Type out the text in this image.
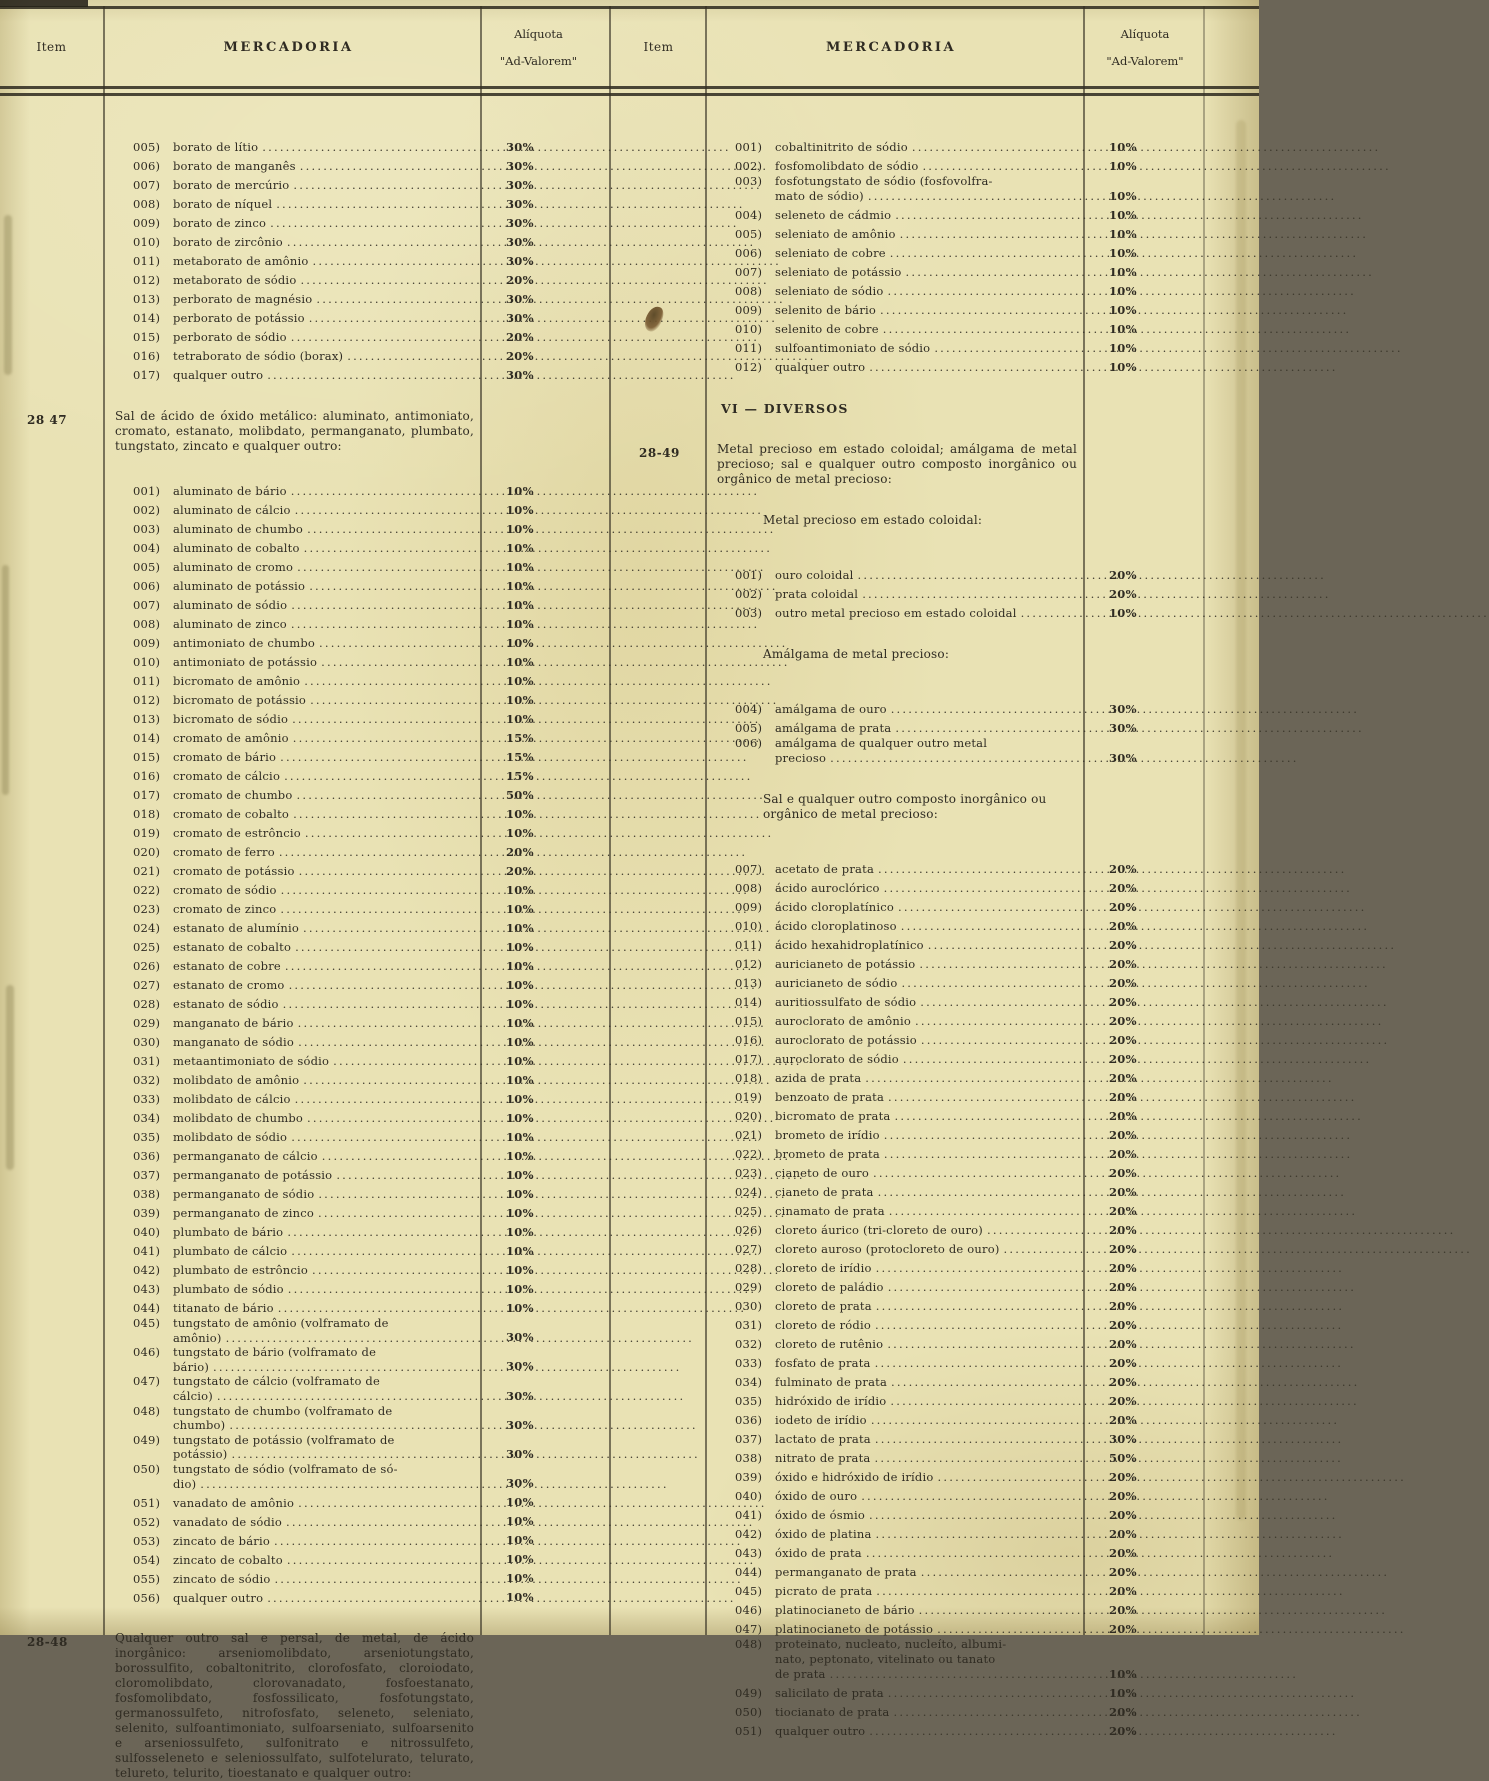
Item	MERCADORIA
Alíquota
"Ad-Valorem"
Item	MERCADORIA
Alíquota
"Ad-Valorem"
005)	borato de lítio .....	30%
006)	borato de manganês .....	30%
007)	borato de mercúrio .....	30%
008)	borato de níquel .....	30%
009)	borato de zinco .....	30%
010)	borato de zircônio .....	30%
011)	metaborato de amônio .....	30%
012)	metaborato de sódio .....	20%
013)	perborato de magnésio .....	30%
014)	perborato de potássio .....	30%
015)	perborato de sódio .....	20%
016)	tetraborato de sódio (borax) .....	20%
017)	qualquer outro .....	30%
28 47	Sal de ácido de óxido metálico: aluminato, antimoniato, cromato, estanato, molibdato, permanganato, plumbato, tungstato, zincato e qualquer outro:
001)	aluminato de bário .....	10%
002)	aluminato de cálcio .....	10%
003)	aluminato de chumbo .....	10%
004)	aluminato de cobalto .....	10%
005)	aluminato de cromo .....	10%
006)	aluminato de potássio .....	10%
007)	aluminato de sódio .....	10%
008)	aluminato de zinco .....	10%
009)	antimoniato de chumbo .....	10%
010)	antimoniato de potássio .....	10%
011)	bicromato de amônio .....	10%
012)	bicromato de potássio .....	10%
013)	bicromato de sódio .....	10%
014)	cromato de amônio .....	15%
015)	cromato de bário .....	15%
016)	cromato de cálcio .....	15%
017)	cromato de chumbo .....	50%
018)	cromato de cobalto .....	10%
019)	cromato de estrôncio .....	10%
020)	cromato de ferro .....	20%
021)	cromato de potássio .....	20%
022)	cromato de sódio .....	10%
023)	cromato de zinco .....	10%
024)	estanato de alumínio .....	10%
025)	estanato de cobalto .....	10%
026)	estanato de cobre .....	10%
027)	estanato de cromo .....	10%
028)	estanato de sódio .....	10%
029)	manganato de bário .....	10%
030)	manganato de sódio .....	10%
031)	metaantimoniato de sódio .....	10%
032)	molibdato de amônio .....	10%
033)	molibdato de cálcio .....	10%
034)	molibdato de chumbo .....	10%
035)	molibdato de sódio .....	10%
036)	permanganato de cálcio .....	10%
037)	permanganato de potássio .....	10%
038)	permanganato de sódio .....	10%
039)	permanganato de zinco .....	10%
040)	plumbato de bário .....	10%
041)	plumbato de cálcio .....	10%
042)	plumbato de estrôncio .....	10%
043)	plumbato de sódio .....	10%
044)	titanato de bário .....	10%
045)	tungstato de amônio (volframato de
amônio) .....	30%
046)	tungstato de bário (volframato de
bário) .....	30%
047)	tungstato de cálcio (volframato de
cálcio) .....	30%
048)	tungstato de chumbo (volframato de
chumbo) .....	30%
049)	tungstato de potássio (volframato de
potássio) .....	30%
050)	tungstato de sódio (volframato de só-
dio) .....	30%
051)	vanadato de amônio .....	10%
052)	vanadato de sódio .....	10%
053)	zincato de bário .....	10%
054)	zincato de cobalto .....	10%
055)	zincato de sódio .....	10%
056)	qualquer outro .....	10%
28-48	Qualquer outro sal e persal, de metal, de ácido inorgânico: arseniomolibdato, arseniotungstato, borossulfito, cobaltonitrito, clorofosfato, cloroiodato, cloromolibdato, clorovanadato, fosfoestanato, fosfomolibdato, fosfossilicato, fosfotungstato, germanossulfeto, nitrofosfato, seleneto, seleniato, selenito, sulfoantimoniato, sulfoarseniato, sulfoarsenito e arseniossulfeto, sulfonitrato e nitrossulfeto, sulfosseleneto e seleniossulfato, sulfotelurato, telurato, telureto, telurito, tioestanato e qualquer outro:
001)	cobaltinitrito de sódio .....	10%
002)	fosfomolibdato de sódio .....	10%
003)	fosfotungstato de sódio (fosfovolfra-
mato de sódio) .....	10%
004)	seleneto de cádmio .....	10%
005)	seleniato de amônio .....	10%
006)	seleniato de cobre .....	10%
007)	seleniato de potássio .....	10%
008)	seleniato de sódio .....	10%
009)	selenito de bário .....	10%
010)	selenito de cobre .....	10%
011)	sulfoantimoniato de sódio .....	10%
012)	qualquer outro .....	10%
VI — DIVERSOS
28-49	Metal precioso em estado coloidal; amálgama de metal precioso; sal e qualquer outro composto inorgânico ou orgânico de metal precioso:
Metal precioso em estado coloidal:
001)	ouro coloidal .....	20%
002)	prata coloidal .....	20%
003)	outro metal precioso em estado coloidal .....	10%
Amálgama de metal precioso:
004)	amálgama de ouro .....	30%
005)	amálgama de prata .....	30%
006)	amálgama de qualquer outro metal
precioso .....	30%
Sal e qualquer outro composto inorgânico ou orgânico de metal precioso:
007)	acetato de prata .....	20%
008)	ácido auroclórico .....	20%
009)	ácido cloroplatínico .....	20%
010)	ácido cloroplatinoso .....	20%
011)	ácido hexahidroplatínico .....	20%
012)	auricianeto de potássio .....	20%
013)	auricianeto de sódio .....	20%
014)	auritiossulfato de sódio .....	20%
015)	auroclorato de amônio .....	20%
016)	auroclorato de potássio .....	20%
017)	auroclorato de sódio .....	20%
018)	azida de prata .....	20%
019)	benzoato de prata .....	20%
020)	bicromato de prata .....	20%
021)	brometo de irídio .....	20%
022)	brometo de prata .....	20%
023)	cianeto de ouro .....	20%
024)	cianeto de prata .....	20%
025)	cinamato de prata .....	20%
026)	cloreto áurico (tri-cloreto de ouro) .....	20%
027)	cloreto auroso (protocloreto de ouro) .....	20%
028)	cloreto de irídio .....	20%
029)	cloreto de paládio .....	20%
030)	cloreto de prata .....	20%
031)	cloreto de ródio .....	20%
032)	cloreto de rutênio .....	20%
033)	fosfato de prata .....	20%
034)	fulminato de prata .....	20%
035)	hidróxido de irídio .....	20%
036)	iodeto de irídio .....	20%
037)	lactato de prata .....	30%
038)	nitrato de prata .....	50%
039)	óxido e hidróxido de irídio .....	20%
040)	óxido de ouro .....	20%
041)	óxido de ósmio .....	20%
042)	óxido de platina .....	20%
043)	óxido de prata .....	20%
044)	permanganato de prata .....	20%
045)	picrato de prata .....	20%
046)	platinocianeto de bário .....	20%
047)	platinocianeto de potássio .....	20%
048)	proteinato, nucleato, nucleíto, albumi-
nato, peptonato, vitelinato ou tanato
de prata .....	10%
049)	salicilato de prata .....	10%
050)	tiocianato de prata .....	20%
051)	qualquer outro .....	20%
